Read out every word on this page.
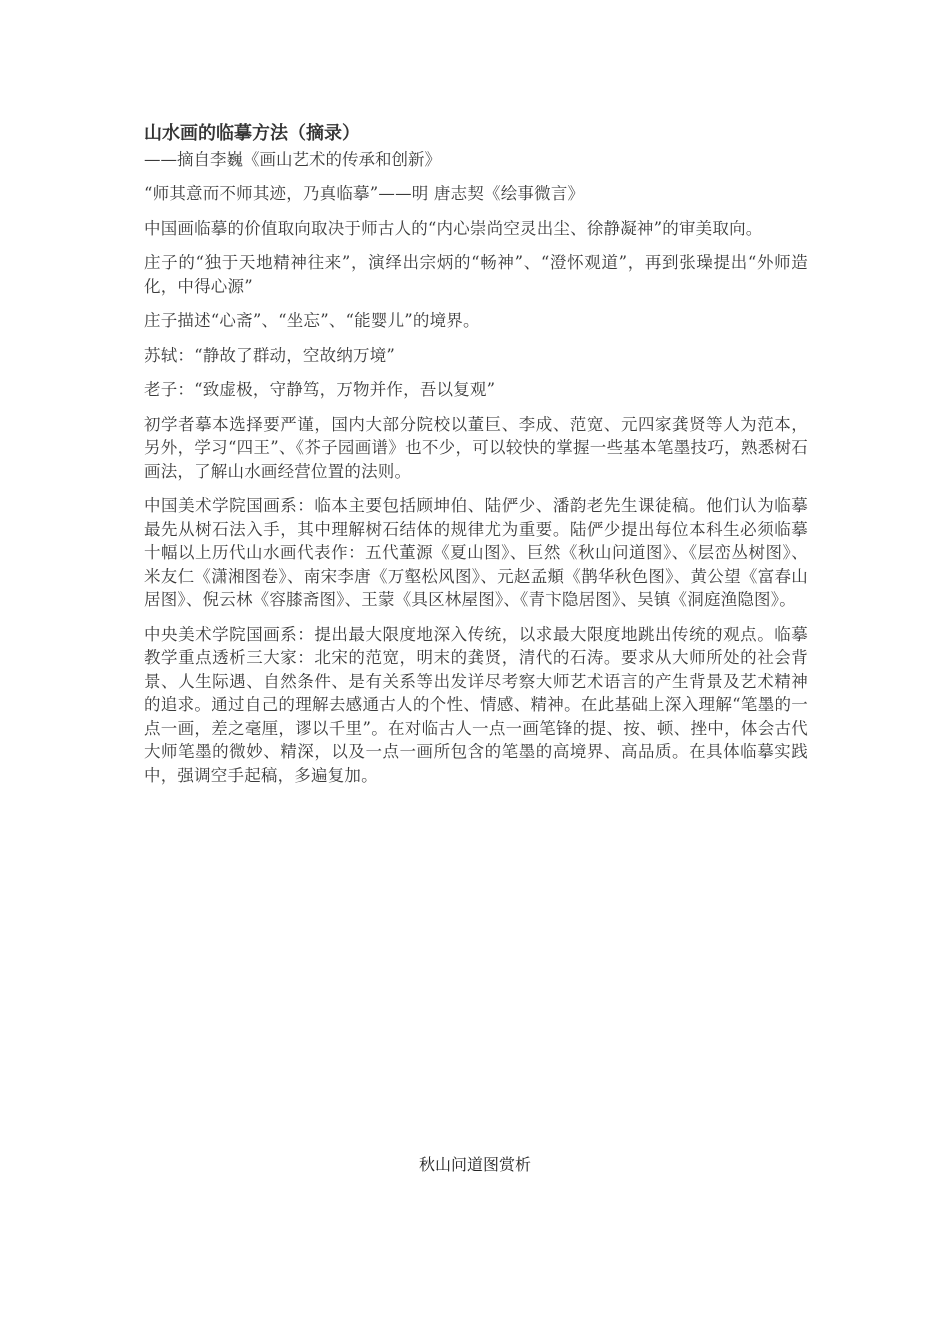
山水画的临摹方法（摘录）

——摘自李巍《画山艺术的传承和创新》

“师其意而不师其迹，乃真临摹”——明 唐志契《绘事微言》

中国画临摹的价值取向取决于师古人的“内心崇尚空灵出尘、徐静凝神”的审美取向。

庄子的“独于天地精神往来”，演绎出宗炳的“畅神”、“澄怀观道”，再到张璪提出“外师造化，中得心源”

庄子描述“心斋”、“坐忘”、“能婴儿”的境界。

苏轼：“静故了群动，空故纳万境”

老子：“致虚极，守静笃，万物并作，吾以复观”

初学者摹本选择要严谨，国内大部分院校以董巨、李成、范宽、元四家龚贤等人为范本，另外，学习“四王”、《芥子园画谱》也不少，可以较快的掌握一些基本笔墨技巧，熟悉树石画法，了解山水画经营位置的法则。

中国美术学院国画系：临本主要包括顾坤伯、陆俨少、潘韵老先生课徒稿。他们认为临摹最先从树石法入手，其中理解树石结体的规律尤为重要。陆俨少提出每位本科生必须临摹十幅以上历代山水画代表作：五代董源《夏山图》、巨然《秋山问道图》、《层峦丛树图》、米友仁《潇湘图卷》、南宋李唐《万壑松风图》、元赵孟頫《鹊华秋色图》、黄公望《富春山居图》、倪云林《容膝斋图》、王蒙《具区林屋图》、《青卞隐居图》、吴镇《洞庭渔隐图》。

中央美术学院国画系：提出最大限度地深入传统，以求最大限度地跳出传统的观点。临摹教学重点透析三大家：北宋的范宽，明末的龚贤，清代的石涛。要求从大师所处的社会背景、人生际遇、自然条件、是有关系等出发详尽考察大师艺术语言的产生背景及艺术精神的追求。通过自己的理解去感通古人的个性、情感、精神。在此基础上深入理解“笔墨的一点一画，差之毫厘，谬以千里”。在对临古人一点一画笔锋的提、按、顿、挫中，体会古代大师笔墨的微妙、精深，以及一点一画所包含的笔墨的高境界、高品质。在具体临摹实践中，强调空手起稿，多遍复加。

秋山问道图赏析
